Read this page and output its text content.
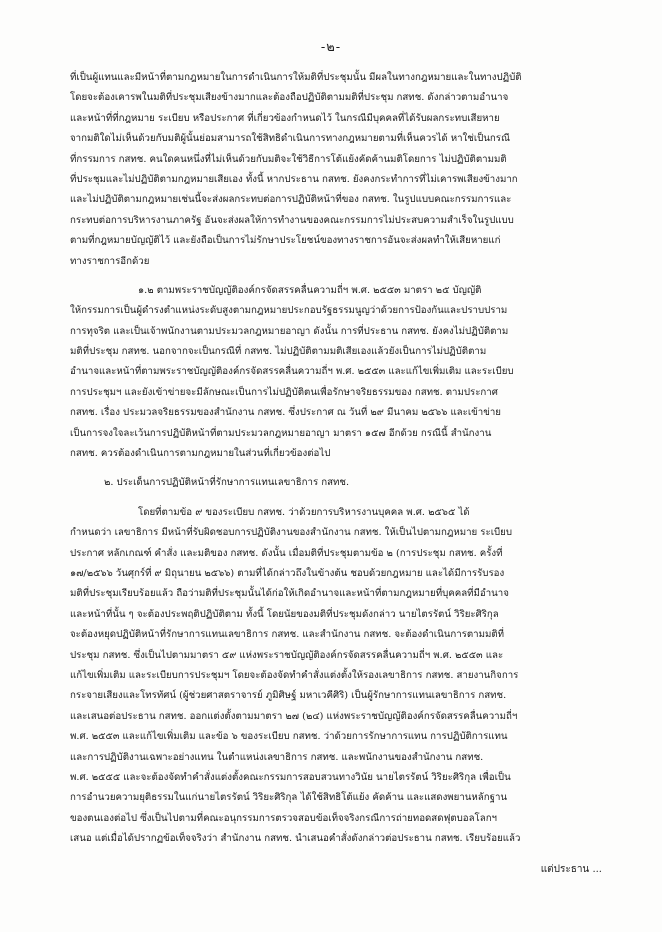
-๒-
ที่เป็นผู้แทนและมีหน้าที่ตามกฎหมายในการดำเนินการให้มติที่ประชุมนั้น มีผลในทางกฎหมายและในทางปฏิบัติ
โดยจะต้องเคารพในมติที่ประชุมเสียงข้างมากและต้องถือปฏิบัติตามมติที่ประชุม กสทช. ดังกล่าวตามอำนาจ
และหน้าที่ที่กฎหมาย ระเบียบ หรือประกาศ ที่เกี่ยวข้องกำหนดไว้ ในกรณีมีบุคคลที่ได้รับผลกระทบเสียหาย
จากมติใดไม่เห็นด้วยกับมติผู้นั้นย่อมสามารถใช้สิทธิดำเนินการทางกฎหมายตามที่เห็นควรได้ หาใช่เป็นกรณี
ที่กรรมการ กสทช. คนใดคนหนึ่งที่ไม่เห็นด้วยกับมติจะใช้วิธีการโต้แย้งคัดค้านมติโดยการ ไม่ปฏิบัติตามมติ
ที่ประชุมและไม่ปฏิบัติตามกฎหมายเสียเอง ทั้งนี้ หากประธาน กสทช. ยังคงกระทำการที่ไม่เคารพเสียงข้างมาก
และไม่ปฏิบัติตามกฎหมายเช่นนี้จะส่งผลกระทบต่อการปฏิบัติหน้าที่ของ กสทช. ในรูปแบบคณะกรรมการและ
กระทบต่อการบริหารงานภาครัฐ อันจะส่งผลให้การทำงานของคณะกรรมการไม่ประสบความสำเร็จในรูปแบบ
ตามที่กฎหมายบัญญัติไว้ และยังถือเป็นการไม่รักษาประโยชน์ของทางราชการอันจะส่งผลทำให้เสียหายแก่
ทางราชการอีกด้วย
๑.๒ ตามพระราชบัญญัติองค์กรจัดสรรคลื่นความถี่ฯ พ.ศ. ๒๕๕๓ มาตรา ๒๕ บัญญัติ
ให้กรรมการเป็นผู้ดำรงตำแหน่งระดับสูงตามกฎหมายประกอบรัฐธรรมนูญว่าด้วยการป้องกันและปราบปราม
การทุจริต และเป็นเจ้าพนักงานตามประมวลกฎหมายอาญา ดังนั้น การที่ประธาน กสทช. ยังคงไม่ปฏิบัติตาม
มติที่ประชุม กสทช. นอกจากจะเป็นกรณีที่ กสทช. ไม่ปฏิบัติตามมติเสียเองแล้วยังเป็นการไม่ปฏิบัติตาม
อำนาจและหน้าที่ตามพระราชบัญญัติองค์กรจัดสรรคลื่นความถี่ฯ พ.ศ. ๒๕๕๓ และแก้ไขเพิ่มเติม และระเบียบ
การประชุมฯ และยังเข้าข่ายจะมีลักษณะเป็นการไม่ปฏิบัติตนเพื่อรักษาจริยธรรมของ กสทช. ตามประกาศ
กสทช. เรื่อง ประมวลจริยธรรมของสำนักงาน กสทช. ซึ่งประกาศ ณ วันที่ ๒๙ มีนาคม ๒๕๖๖ และเข้าข่าย
เป็นการจงใจละเว้นการปฏิบัติหน้าที่ตามประมวลกฎหมายอาญา มาตรา ๑๕๗ อีกด้วย กรณีนี้ สำนักงาน
กสทช. ควรต้องดำเนินการตามกฎหมายในส่วนที่เกี่ยวข้องต่อไป
๒. ประเด็นการปฏิบัติหน้าที่รักษาการแทนเลขาธิการ กสทช.
โดยที่ตามข้อ ๙ ของระเบียบ กสทช. ว่าด้วยการบริหารงานบุคคล พ.ศ. ๒๕๖๕ ได้
กำหนดว่า เลขาธิการ มีหน้าที่รับผิดชอบการปฏิบัติงานของสำนักงาน กสทช. ให้เป็นไปตามกฎหมาย ระเบียบ
ประกาศ หลักเกณฑ์ คำสั่ง และมติของ กสทช. ดังนั้น เมื่อมติที่ประชุมตามข้อ ๒ (การประชุม กสทช. ครั้งที่
๑๗/๒๕๖๖ วันศุกร์ที่ ๙ มิถุนายน ๒๕๖๖) ตามที่ได้กล่าวถึงในข้างต้น ชอบด้วยกฎหมาย และได้มีการรับรอง
มติที่ประชุมเรียบร้อยแล้ว ถือว่ามติที่ประชุมนั้นได้ก่อให้เกิดอำนาจและหน้าที่ตามกฎหมายที่บุคคลที่มีอำนาจ
และหน้าที่นั้น ๆ จะต้องประพฤติปฏิบัติตาม ทั้งนี้ โดยนัยของมติที่ประชุมดังกล่าว นายไตรรัตน์ วิริยะศิริกุล
จะต้องหยุดปฏิบัติหน้าที่รักษาการแทนเลขาธิการ กสทช. และสำนักงาน กสทช. จะต้องดำเนินการตามมติที่
ประชุม กสทช. ซึ่งเป็นไปตามมาตรา ๕๙ แห่งพระราชบัญญัติองค์กรจัดสรรคลื่นความถี่ฯ พ.ศ. ๒๕๕๓ และ
แก้ไขเพิ่มเติม และระเบียบการประชุมฯ โดยจะต้องจัดทำคำสั่งแต่งตั้งให้รองเลขาธิการ กสทช. สายงานกิจการ
กระจายเสียงและโทรทัศน์ (ผู้ช่วยศาสตราจารย์ ภูมิศิษฐ์ มหาเวคีศิริ) เป็นผู้รักษาการแทนเลขาธิการ กสทช.
และเสนอต่อประธาน กสทช. ออกแต่งตั้งตามมาตรา ๒๗ (๒๔) แห่งพระราชบัญญัติองค์กรจัดสรรคลื่นความถี่ฯ
พ.ศ. ๒๕๕๓ และแก้ไขเพิ่มเติม และข้อ ๖ ของระเบียบ กสทช. ว่าด้วยการรักษาการแทน การปฏิบัติการแทน
และการปฏิบัติงานเฉพาะอย่างแทน ในตำแหน่งเลขาธิการ กสทช. และพนักงานของสำนักงาน กสทช.
พ.ศ. ๒๕๕๕ และจะต้องจัดทำคำสั่งแต่งตั้งคณะกรรมการสอบสวนทางวินัย นายไตรรัตน์ วิริยะศิริกุล เพื่อเป็น
การอำนวยความยุติธรรมในแก่นายไตรรัตน์ วิริยะศิริกุล ได้ใช้สิทธิโต้แย้ง คัดค้าน และแสดงพยานหลักฐาน
ของตนเองต่อไป ซึ่งเป็นไปตามที่คณะอนุกรรมการตรวจสอบข้อเท็จจริงกรณีการถ่ายทอดสดฟุตบอลโลกฯ
เสนอ แต่เมื่อได้ปรากฏข้อเท็จจริงว่า สำนักงาน กสทช. นำเสนอคำสั่งดังกล่าวต่อประธาน กสทช. เรียบร้อยแล้ว
แต่ประธาน ...
